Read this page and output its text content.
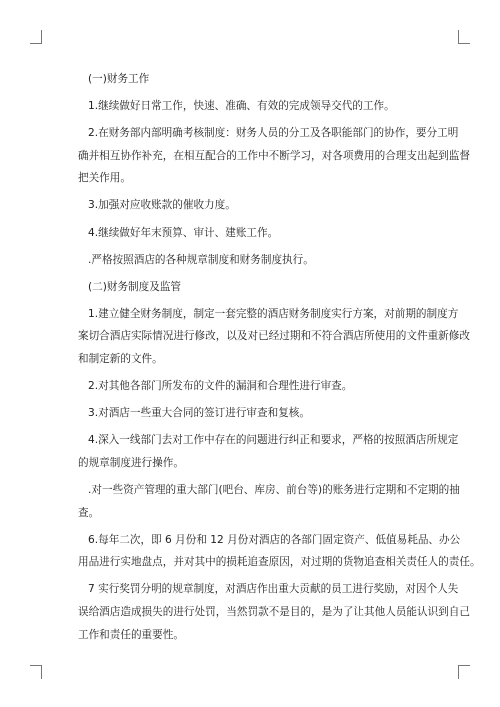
(一)财务工作
1.继续做好日常工作，快速、准确、有效的完成领导交代的工作。
2.在财务部内部明确考核制度：财务人员的分工及各职能部门的协作，要分工明
确并相互协作补充，在相互配合的工作中不断学习，对各项费用的合理支出起到监督
把关作用。
3.加强对应收账款的催收力度。
4.继续做好年末预算、审计、建账工作。
.严格按照酒店的各种规章制度和财务制度执行。
(二)财务制度及监管
1.建立健全财务制度，制定一套完整的酒店财务制度实行方案，对前期的制度方
案切合酒店实际情况进行修改，以及对已经过期和不符合酒店所使用的文件重新修改
和制定新的文件。
2.对其他各部门所发布的文件的漏洞和合理性进行审查。
3.对酒店一些重大合同的签订进行审查和复核。
4.深入一线部门去对工作中存在的问题进行纠正和要求，严格的按照酒店所规定
的规章制度进行操作。
.对一些资产管理的重大部门(吧台、库房、前台等)的账务进行定期和不定期的抽
查。
6.每年二次，即 6 月份和 12 月份对酒店的各部门固定资产、低值易耗品、办公
用品进行实地盘点，并对其中的损耗追查原因，对过期的货物追查相关责任人的责任。
7 实行奖罚分明的规章制度，对酒店作出重大贡献的员工进行奖励，对因个人失
误给酒店造成损失的进行处罚，当然罚款不是目的，是为了让其他人员能认识到自己
工作和责任的重要性。
